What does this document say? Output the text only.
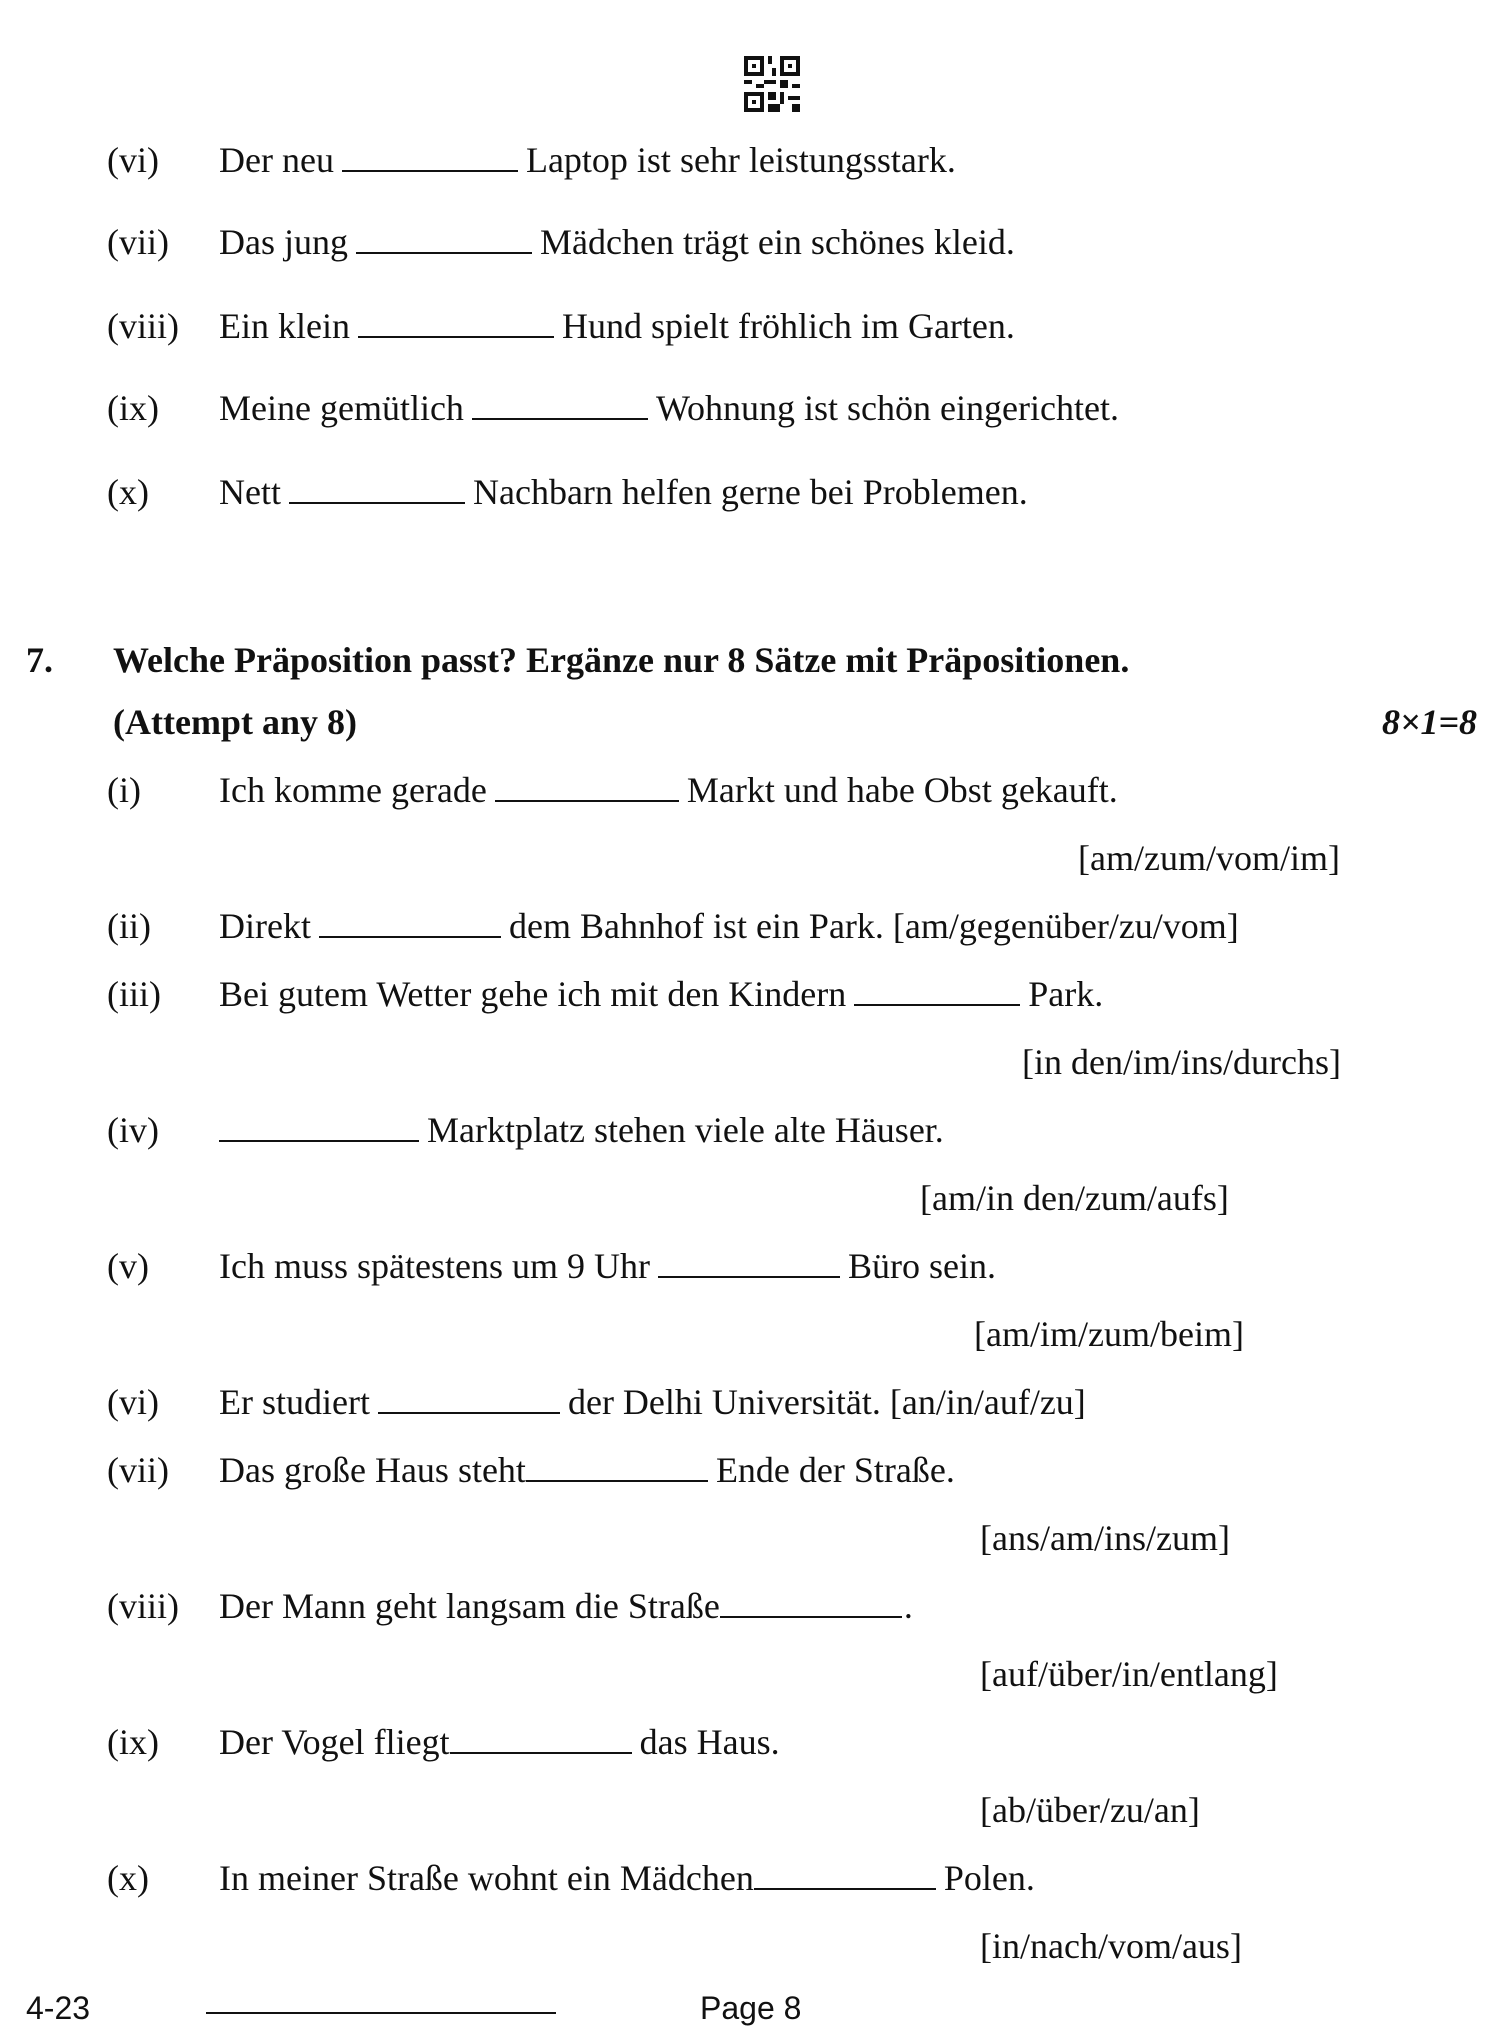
(vi) Der neu	Laptop ist sehr leistungsstark.
(vii) Das jung	Mädchen trägt ein schönes kleid.
(viii) Ein klein	Hund spielt fröhlich im Garten.
(ix) Meine gemütlich	Wohnung ist schön eingerichtet.
(x) Nett	Nachbarn helfen gerne bei Problemen.
7. Welche Präposition passt? Ergänze nur 8 Sätze mit Präpositionen.
(Attempt any 8)	8×1=8
(i) Ich komme gerade	Markt und habe Obst gekauft.
[am/zum/vom/im]
(ii) Direkt	dem Bahnhof ist ein Park. [am/gegenüber/zu/vom]
(iii) Bei gutem Wetter gehe ich mit den Kindern	Park.
[in den/im/ins/durchs]
(iv)	Marktplatz stehen viele alte Häuser.
[am/in den/zum/aufs]
(v) Ich muss spätestens um 9 Uhr	Büro sein.
[am/im/zum/beim]
(vi) Er studiert	der Delhi Universität. [an/in/auf/zu]
(vii) Das große Haus steht	Ende der Straße.
[ans/am/ins/zum]
(viii) Der Mann geht langsam die Straße	.
[auf/über/in/entlang]
(ix) Der Vogel fliegt	das Haus.
[ab/über/zu/an]
(x) In meiner Straße wohnt ein Mädchen	Polen.
[in/nach/vom/aus]
4-23	Page 8
